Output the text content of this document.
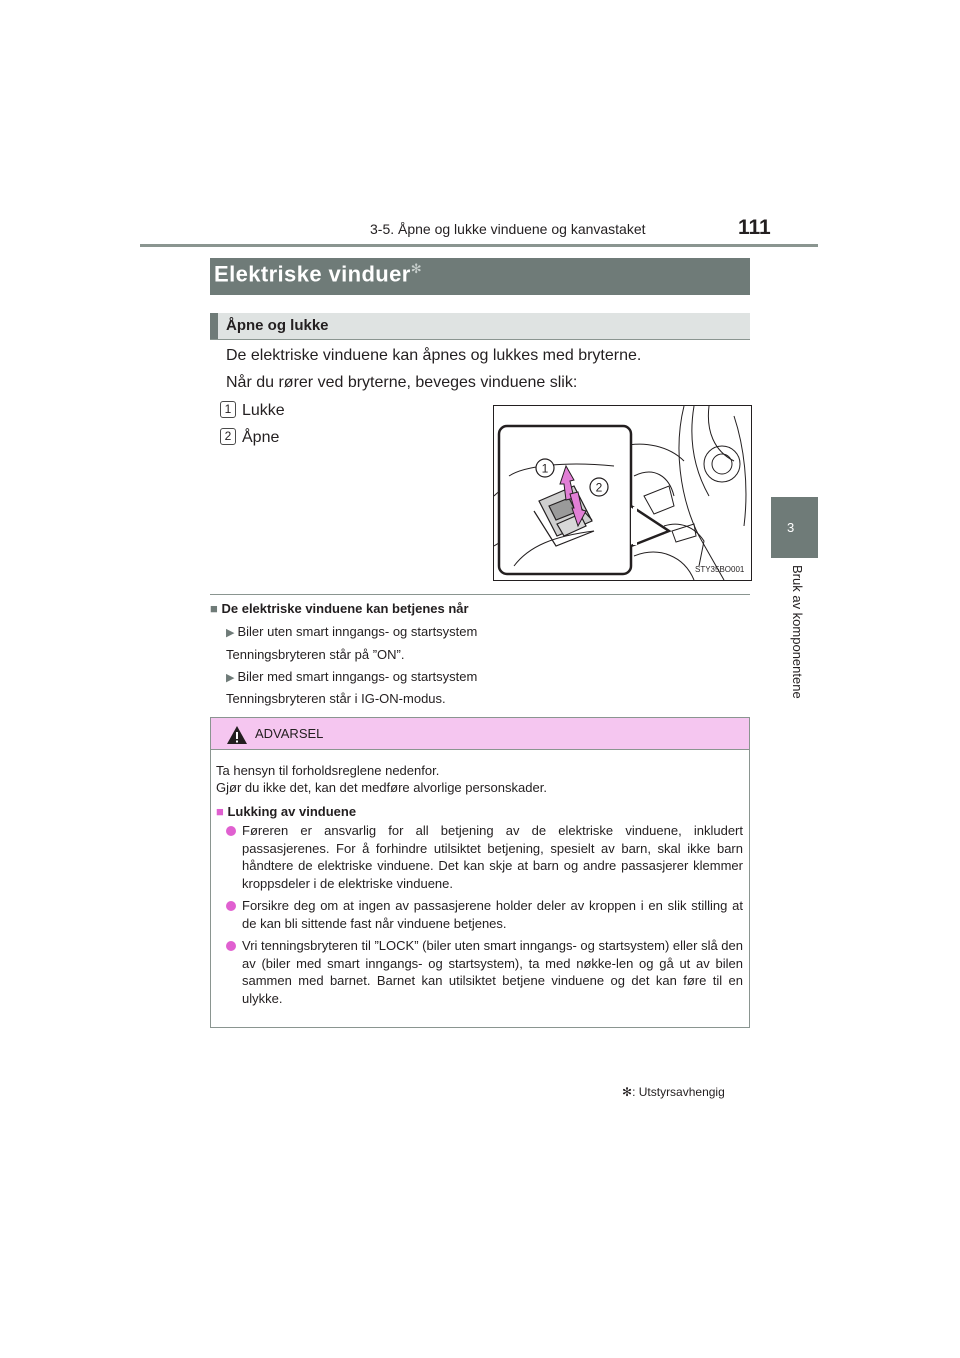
3-5. Åpne og lukke vinduene og kanvastaket	111
3
Bruk av komponentene
Elektriske vinduer✻
Åpne og lukke
De elektriske vinduene kan åpnes og lukkes med bryterne.
Når du rører ved bryterne, beveges vinduene slik:
1 Lukke
2 Åpne
1
2
STY35BO001
■ De elektriske vinduene kan betjenes når
▶ Biler uten smart inngangs- og startsystem
Tenningsbryteren står på ”ON”.
▶ Biler med smart inngangs- og startsystem
Tenningsbryteren står i IG-ON-modus.
ADVARSEL
Ta hensyn til forholdsreglene nedenfor.
Gjør du ikke det, kan det medføre alvorlige personskader.
■ Lukking av vinduene
Føreren er ansvarlig for all betjening av de elektriske vinduene, inkludert passasjerenes. For å forhindre utilsiktet betjening, spesielt av barn, skal ikke barn håndtere de elektriske vinduene. Det kan skje at barn og andre passasjerer klemmer kroppsdeler i de elektriske vinduene.
Forsikre deg om at ingen av passasjerene holder deler av kroppen i en slik stilling at de kan bli sittende fast når vinduene betjenes.
Vri tenningsbryteren til ”LOCK” (biler uten smart inngangs- og startsystem) eller slå den av (biler med smart inngangs- og startsystem), ta med nøkke-len og gå ut av bilen sammen med barnet. Barnet kan utilsiktet betjene vinduene og det kan føre til en ulykke.
✻: Utstyrsavhengig
